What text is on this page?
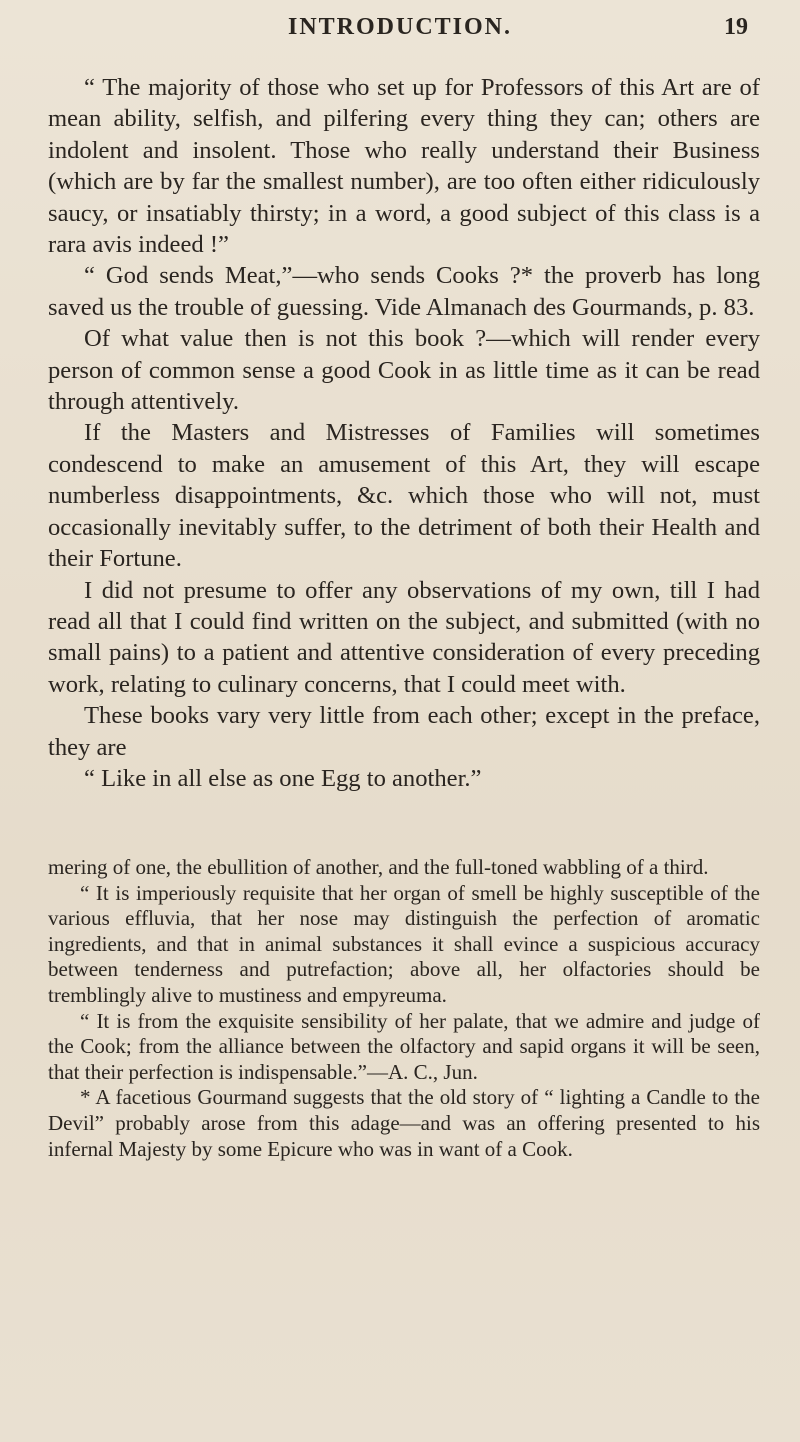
INTRODUCTION.	19

“ The majority of those who set up for Professors of this Art are of mean ability, selfish, and pilfering every thing they can; others are indolent and insolent. Those who really understand their Business (which are by far the smallest number), are too often either ridiculously saucy, or insatiably thirsty; in a word, a good subject of this class is a rara avis indeed !”

“ God sends Meat,”—who sends Cooks ?* the proverb has long saved us the trouble of guessing. Vide Almanach des Gourmands, p. 83.

Of what value then is not this book ?—which will render every person of common sense a good Cook in as little time as it can be read through attentively.

If the Masters and Mistresses of Families will sometimes condescend to make an amusement of this Art, they will escape numberless disappointments, &c. which those who will not, must occasionally inevitably suffer, to the detriment of both their Health and their Fortune.

I did not presume to offer any observations of my own, till I had read all that I could find written on the subject, and submitted (with no small pains) to a patient and attentive consideration of every preceding work, relating to culinary concerns, that I could meet with.

These books vary very little from each other; except in the preface, they are

“ Like in all else as one Egg to another.”

mering of one, the ebullition of another, and the full-toned wabbling of a third.

“ It is imperiously requisite that her organ of smell be highly susceptible of the various effluvia, that her nose may distinguish the perfection of aromatic ingredients, and that in animal substances it shall evince a suspicious accuracy between tenderness and putrefaction; above all, her olfactories should be tremblingly alive to mustiness and empyreuma.

“ It is from the exquisite sensibility of her palate, that we admire and judge of the Cook; from the alliance between the olfactory and sapid organs it will be seen, that their perfection is indispensable.”—A. C., Jun.

* A facetious Gourmand suggests that the old story of “ lighting a Candle to the Devil” probably arose from this adage—and was an offering presented to his infernal Majesty by some Epicure who was in want of a Cook.
